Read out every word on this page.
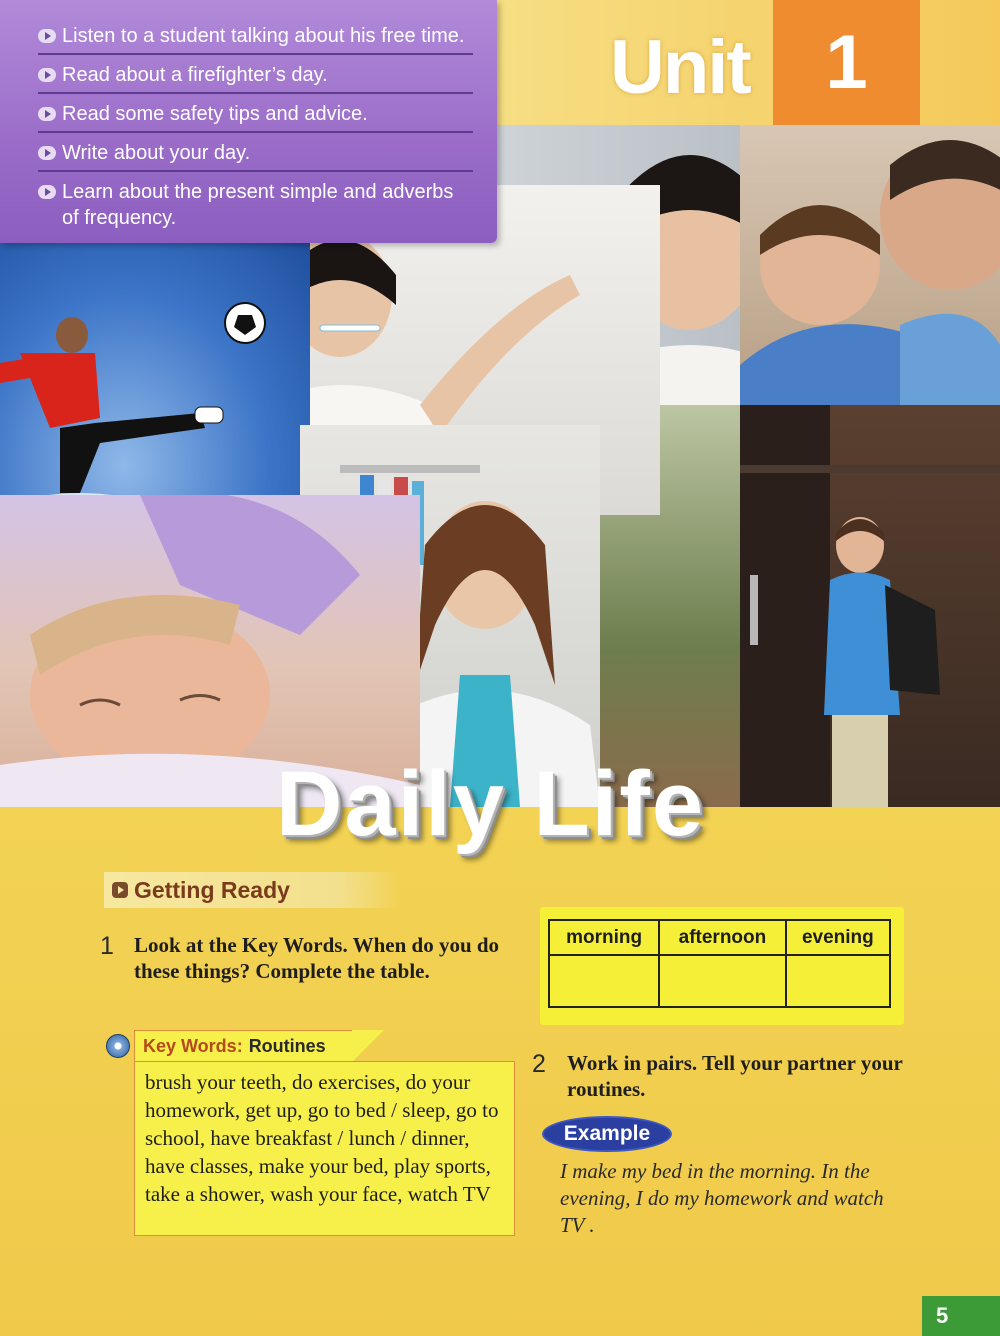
Listen to a student talking about his free time.
Read about a firefighter’s day.
Read some safety tips and advice.
Write about your day.
Learn about the present simple and adverbs of frequency.
Unit 1
Daily Life
Getting Ready
1 Look at the Key Words. When do you do these things? Complete the table.
morning	afternoon	evening

Key Words: Routines
brush your teeth, do exercises, do your homework, get up, go to bed / sleep, go to school, have breakfast / lunch / dinner, have classes, make your bed, play sports, take a shower, wash your face, watch TV
2 Work in pairs. Tell your partner your routines.
Example
I make my bed in the morning. In the evening, I do my homework and watch TV .
5
